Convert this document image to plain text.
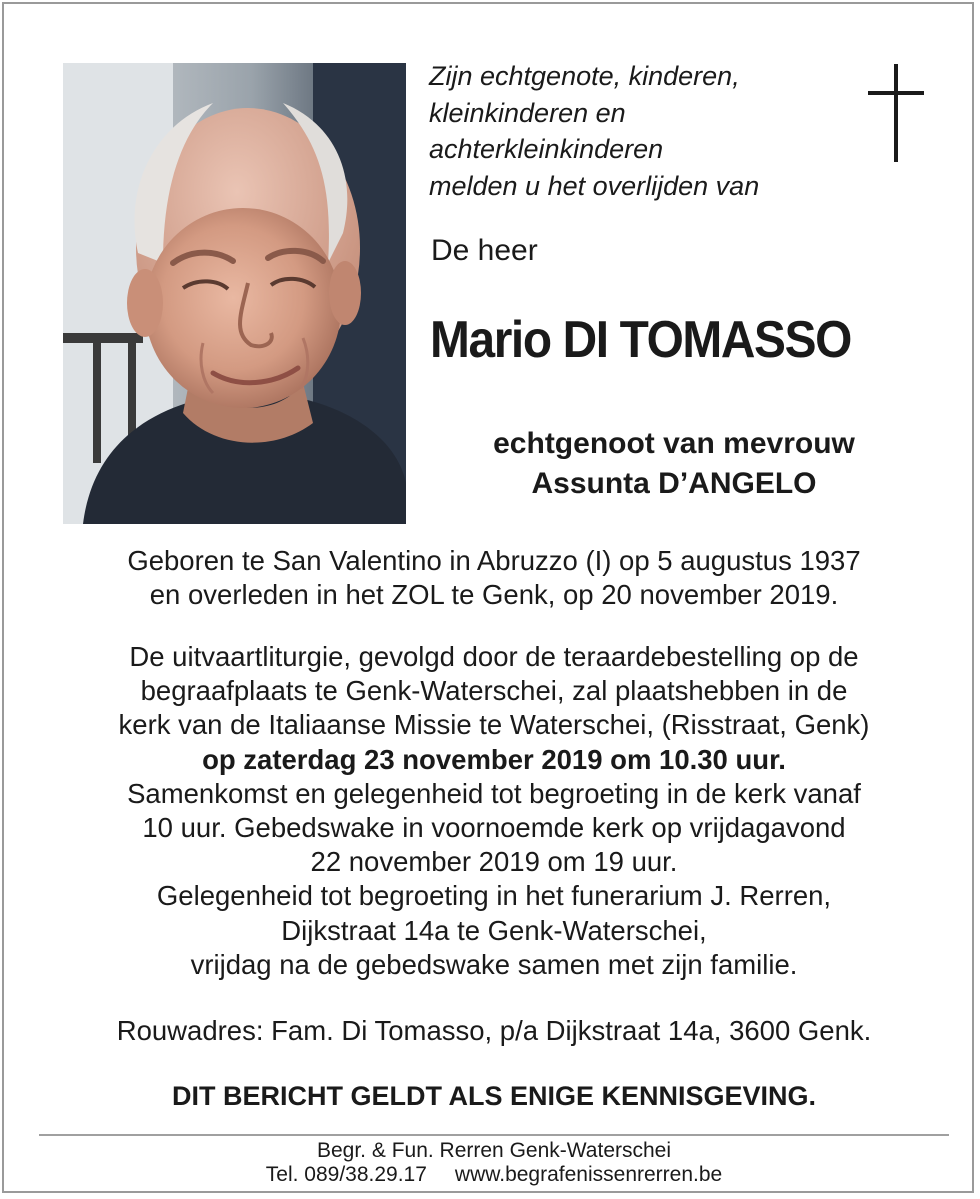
Zijn echtgenote, kinderen,
kleinkinderen en
achterkleinkinderen
melden u het overlijden van
De heer
Mario DI TOMASSO
echtgenoot van mevrouw
Assunta D’ANGELO
Geboren te San Valentino in Abruzzo (I) op 5 augustus 1937
en overleden in het ZOL te Genk, op 20 november 2019.
De uitvaartliturgie, gevolgd door de teraardebestelling op de
begraafplaats te Genk-Waterschei, zal plaatshebben in de
kerk van de Italiaanse Missie te Waterschei, (Risstraat, Genk)
op zaterdag 23 november 2019 om 10.30 uur.
Samenkomst en gelegenheid tot begroeting in de kerk vanaf
10 uur. Gebedswake in voornoemde kerk op vrijdagavond
22 november 2019 om 19 uur.
Gelegenheid tot begroeting in het funerarium J. Rerren,
Dijkstraat 14a te Genk-Waterschei,
vrijdag na de gebedswake samen met zijn familie.
Rouwadres: Fam. Di Tomasso, p/a Dijkstraat 14a, 3600 Genk.
DIT BERICHT GELDT ALS ENIGE KENNISGEVING.
Begr. & Fun. Rerren Genk-Waterschei
Tel. 089/38.29.17 www.begrafenissenrerren.be
